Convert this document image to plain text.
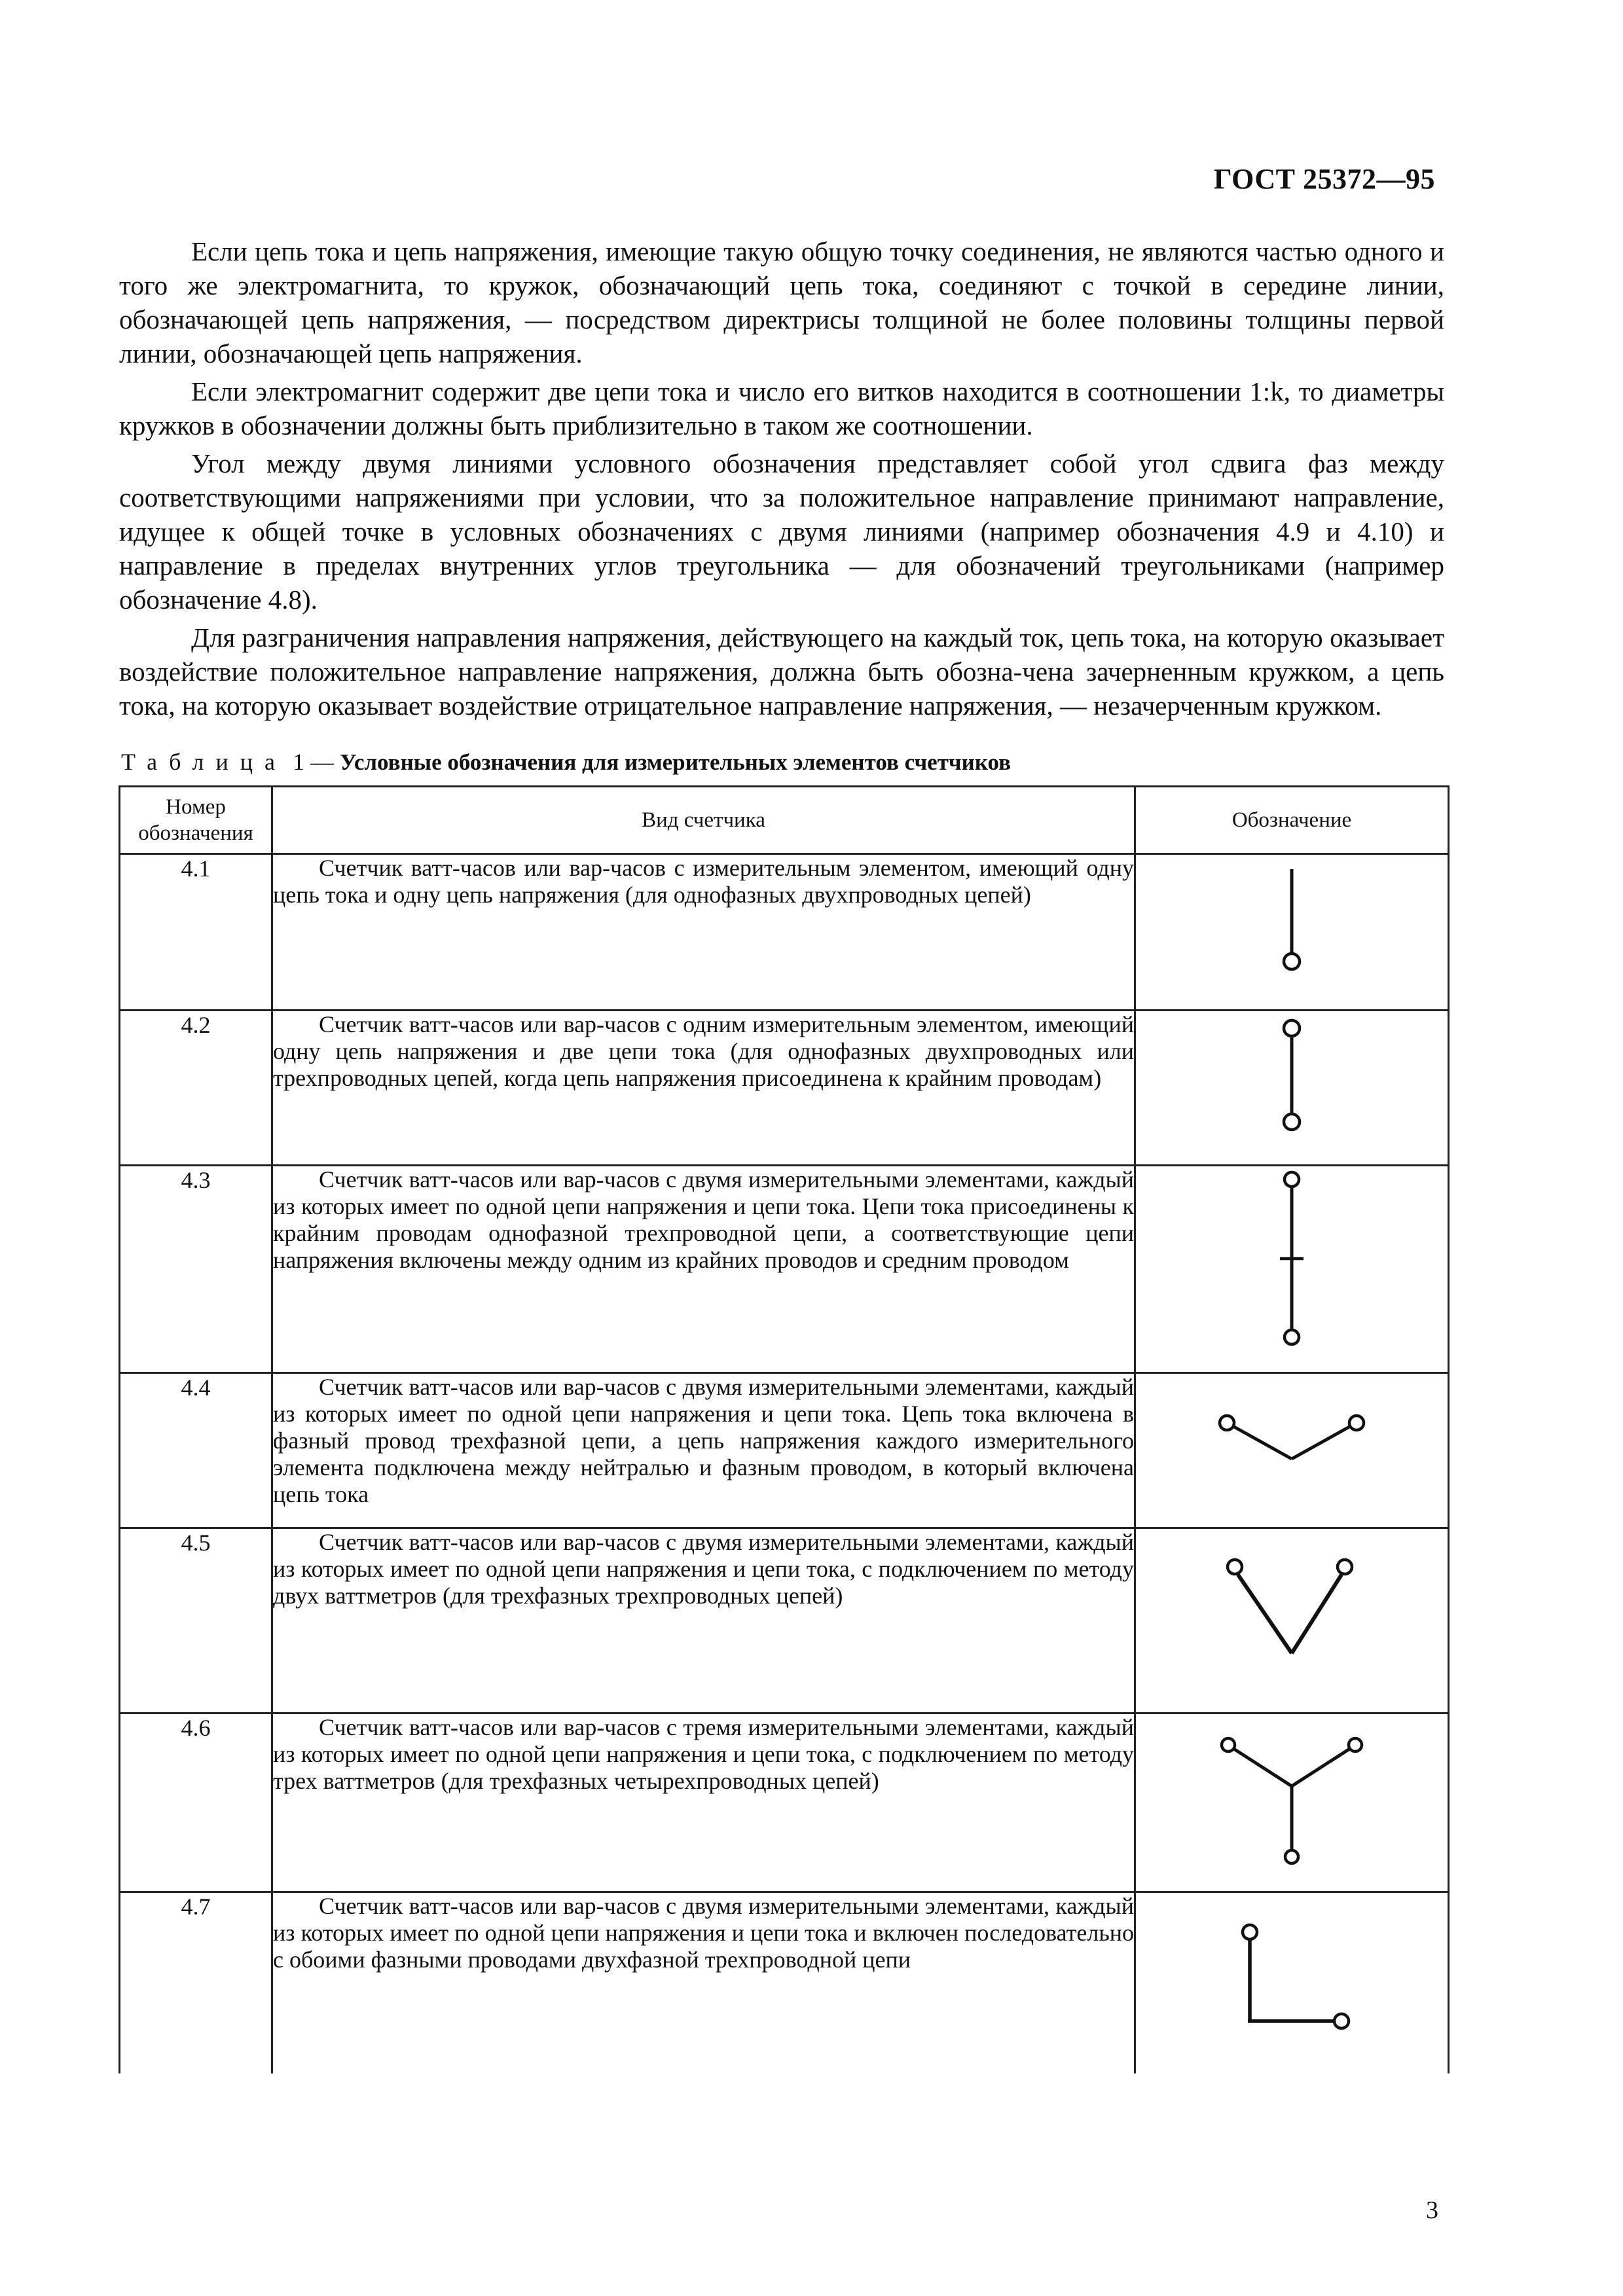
ГОСТ 25372—95

Если цепь тока и цепь напряжения, имеющие такую общую точку соединения, не являются частью одного и того же электромагнита, то кружок, обозначающий цепь тока, соединяют с точкой в середине линии, обозначающей цепь напряжения, — посредством директрисы толщиной не более половины толщины первой линии, обозначающей цепь напряжения.

Если электромагнит содержит две цепи тока и число его витков находится в соотношении 1:k, то диаметры кружков в обозначении должны быть приблизительно в таком же соотношении.

Угол между двумя линиями условного обозначения представляет собой угол сдвига фаз между соответствующими напряжениями при условии, что за положительное направление принимают направление, идущее к общей точке в условных обозначениях с двумя линиями (например обозначения 4.9 и 4.10) и направление в пределах внутренних углов треугольника — для обозначений треугольниками (например обозначение 4.8).

Для разграничения направления напряжения, действующего на каждый ток, цепь тока, на которую оказывает воздействие положительное направление напряжения, должна быть обозна-чена зачерненным кружком, а цепь тока, на которую оказывает воздействие отрицательное направление напряжения, — незачерченным кружком.

Таблица 1 — Условные обозначения для измерительных элементов счетчиков
Номер обозначения	Вид счетчика	Обозначение
4.1	Счетчик ватт-часов или вар-часов с измерительным элементом, имеющий одну цепь тока и одну цепь напряжения (для однофазных двухпроводных цепей)

4.2	Счетчик ватт-часов или вар-часов с одним измерительным элементом, имеющий одну цепь напряжения и две цепи тока (для однофазных двухпроводных или трехпроводных цепей, когда цепь напряжения присоединена к крайним проводам)

4.3	Счетчик ватт-часов или вар-часов с двумя измерительными элементами, каждый из которых имеет по одной цепи напряжения и цепи тока. Цепи тока присоединены к крайним проводам однофазной трехпроводной цепи, а соответствующие цепи напряжения включены между одним из крайних проводов и средним проводом

4.4	Счетчик ватт-часов или вар-часов с двумя измерительными элементами, каждый из которых имеет по одной цепи напряжения и цепи тока. Цепь тока включена в фазный провод трехфазной цепи, а цепь напряжения каждого измерительного элемента подключена между нейтралью и фазным проводом, в который включена цепь тока

4.5	Счетчик ватт-часов или вар-часов с двумя измерительными элементами, каждый из которых имеет по одной цепи напряжения и цепи тока, с подключением по методу двух ваттметров (для трехфазных трехпроводных цепей)

4.6	Счетчик ватт-часов или вар-часов с тремя измерительными элементами, каждый из которых имеет по одной цепи напряжения и цепи тока, с подключением по методу трех ваттметров (для трехфазных четырехпроводных цепей)

4.7	Счетчик ватт-часов или вар-часов с двумя измерительными элементами, каждый из которых имеет по одной цепи напряжения и цепи тока и включен последовательно с обоими фазными проводами двухфазной трехпроводной цепи

3
